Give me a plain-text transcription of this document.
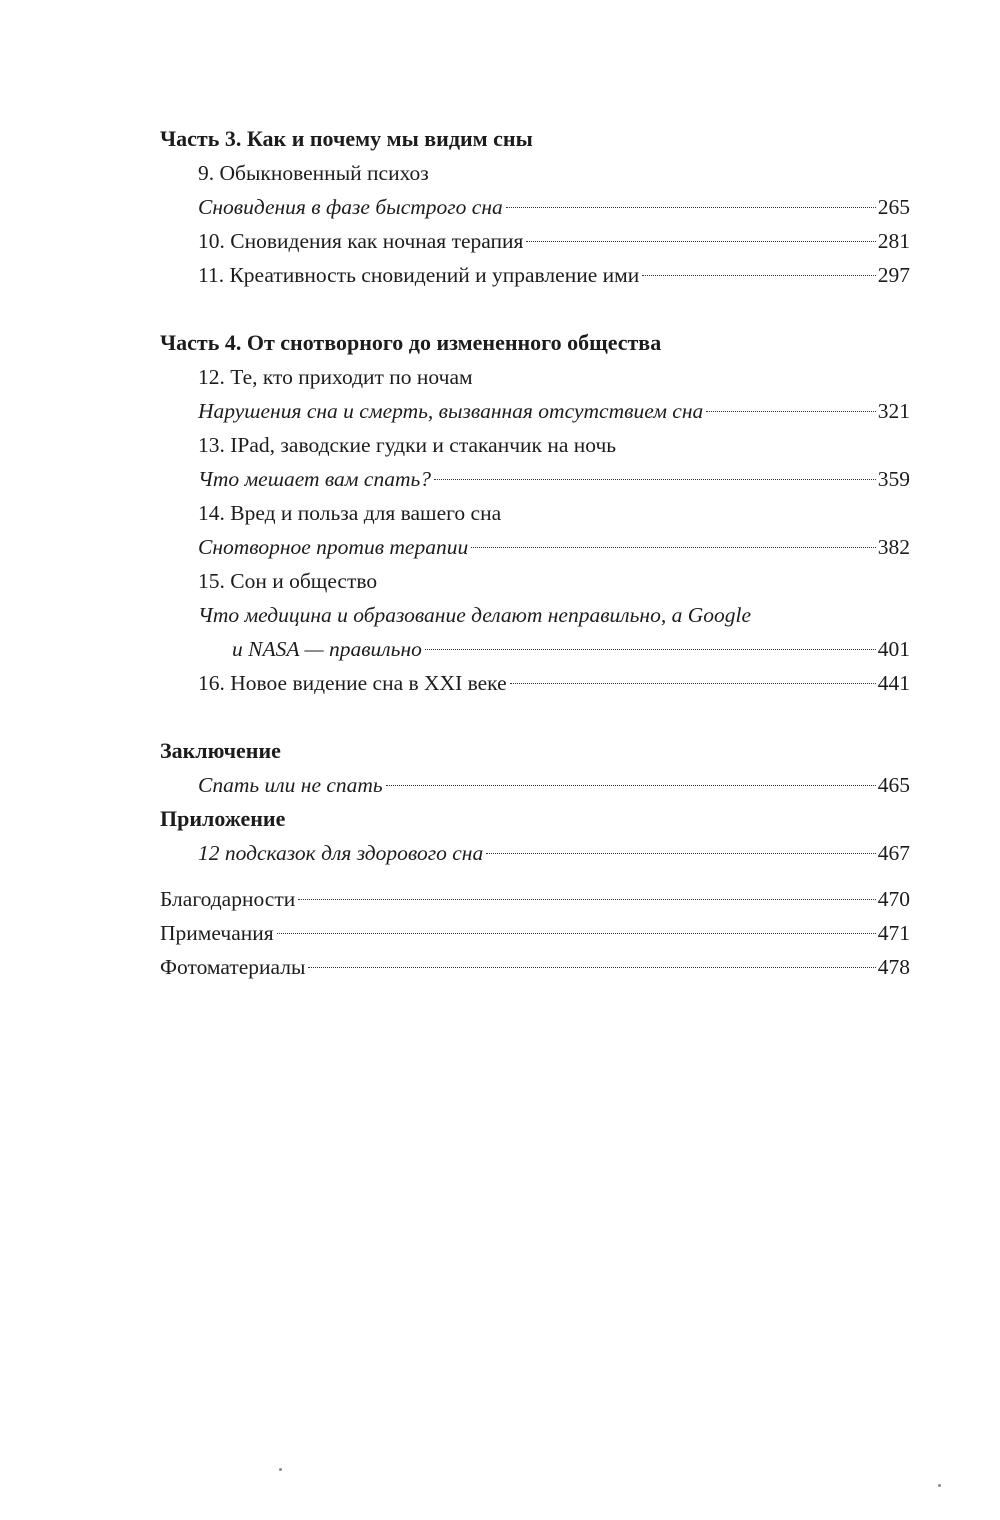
Часть 3. Как и почему мы видим сны
9. Обыкновенный психоз
Сновидения в фазе быстрого сна	265
10. Сновидения как ночная терапия	281
11. Креативность сновидений и управление ими	297
Часть 4. От снотворного до измененного общества
12. Те, кто приходит по ночам
Нарушения сна и смерть, вызванная отсутствием сна	321
13. IPad, заводские гудки и стаканчик на ночь
Что мешает вам спать?	359
14. Вред и польза для вашего сна
Снотворное против терапии	382
15. Сон и общество
Что медицина и образование делают неправильно, а Google
и NASA — правильно	401
16. Новое видение сна в XXI веке	441
Заключение
Спать или не спать	465
Приложение
12 подсказок для здорового сна	467
Благодарности	470
Примечания	471
Фотоматериалы	478
